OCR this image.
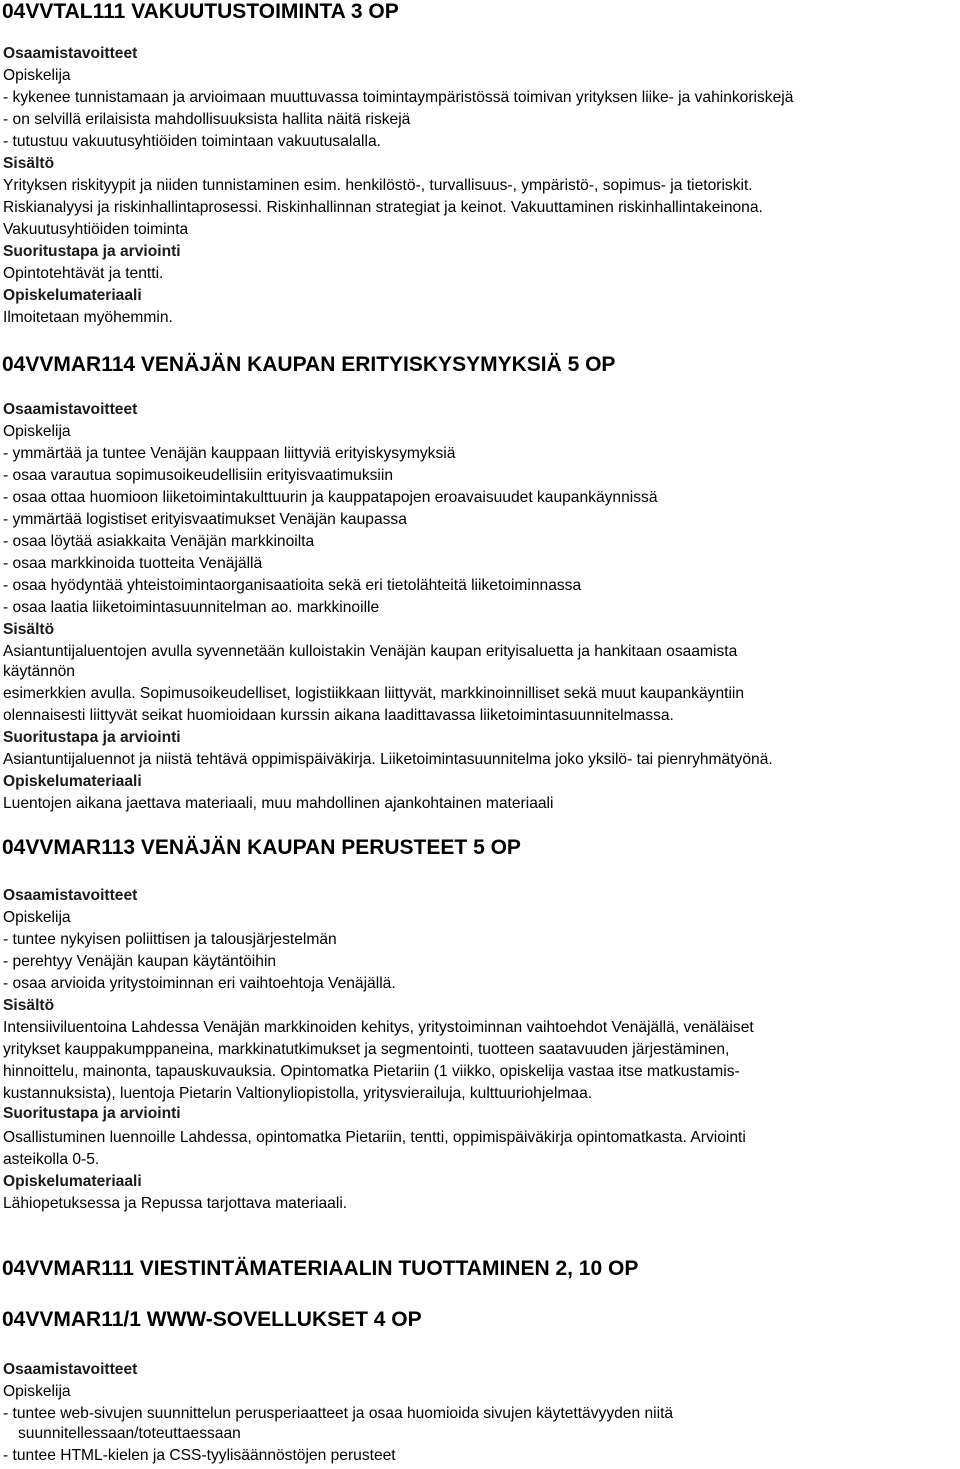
04VVTAL111 VAKUUTUSTOIMINTA 3 OP
Osaamistavoitteet
Opiskelija
- kykenee tunnistamaan ja arvioimaan muuttuvassa toimintaympäristössä toimivan yrityksen liike- ja vahinkoriskejä
- on selvillä erilaisista mahdollisuuksista hallita näitä riskejä
- tutustuu vakuutusyhtiöiden toimintaan vakuutusalalla.
Sisältö
Yrityksen riskityypit ja niiden tunnistaminen esim. henkilöstö-, turvallisuus-, ympäristö-, sopimus- ja tietoriskit.
Riskianalyysi ja riskinhallintaprosessi. Riskinhallinnan strategiat ja keinot. Vakuuttaminen riskinhallintakeinona.
Vakuutusyhtiöiden toiminta
Suoritustapa ja arviointi
Opintotehtävät ja tentti.
Opiskelumateriaali
Ilmoitetaan myöhemmin.
04VVMAR114 VENÄJÄN KAUPAN ERITYISKYSYMYKSIÄ 5 OP
Osaamistavoitteet
Opiskelija
- ymmärtää ja tuntee Venäjän kauppaan liittyviä erityiskysymyksiä
- osaa varautua sopimusoikeudellisiin erityisvaatimuksiin
- osaa ottaa huomioon liiketoimintakulttuurin ja kauppatapojen eroavaisuudet kaupankäynnissä
- ymmärtää logistiset erityisvaatimukset Venäjän kaupassa
- osaa löytää asiakkaita Venäjän markkinoilta
- osaa markkinoida tuotteita Venäjällä
- osaa hyödyntää yhteistoimintaorganisaatioita sekä eri tietolähteitä liiketoiminnassa
- osaa laatia liiketoimintasuunnitelman ao. markkinoille
Sisältö
Asiantuntijaluentojen avulla syvennetään kulloistakin Venäjän kaupan erityisaluetta ja hankitaan osaamista
käytännön
esimerkkien avulla. Sopimusoikeudelliset, logistiikkaan liittyvät, markkinoinnilliset sekä muut kaupankäyntiin
olennaisesti liittyvät seikat huomioidaan kurssin aikana laadittavassa liiketoimintasuunnitelmassa.
Suoritustapa ja arviointi
Asiantuntijaluennot ja niistä tehtävä oppimispäiväkirja. Liiketoimintasuunnitelma joko yksilö- tai pienryhmätyönä.
Opiskelumateriaali
Luentojen aikana jaettava materiaali, muu mahdollinen ajankohtainen materiaali
04VVMAR113 VENÄJÄN KAUPAN PERUSTEET 5 OP
Osaamistavoitteet
Opiskelija
- tuntee nykyisen poliittisen ja talousjärjestelmän
- perehtyy Venäjän kaupan käytäntöihin
- osaa arvioida yritystoiminnan eri vaihtoehtoja Venäjällä.
Sisältö
Intensiiviluentoina Lahdessa Venäjän markkinoiden kehitys, yritystoiminnan vaihtoehdot Venäjällä, venäläiset
yritykset kauppakumppaneina, markkinatutkimukset ja segmentointi, tuotteen saatavuuden järjestäminen,
hinnoittelu, mainonta, tapauskuvauksia. Opintomatka Pietariin (1 viikko, opiskelija vastaa itse matkustamis-
kustannuksista), luentoja Pietarin Valtionyliopistolla, yritysvierailuja, kulttuuriohjelmaa.
Suoritustapa ja arviointi
Osallistuminen luennoille Lahdessa, opintomatka Pietariin, tentti, oppimispäiväkirja opintomatkasta. Arviointi
asteikolla 0-5.
Opiskelumateriaali
Lähiopetuksessa ja Repussa tarjottava materiaali.
04VVMAR111 VIESTINTÄMATERIAALIN TUOTTAMINEN 2, 10 OP
04VVMAR11/1 WWW-SOVELLUKSET 4 OP
Osaamistavoitteet
Opiskelija
- tuntee web-sivujen suunnittelun perusperiaatteet ja osaa huomioida sivujen käytettävyyden niitä
suunnitellessaan/toteuttaessaan
- tuntee HTML-kielen ja CSS-tyylisäännöstöjen perusteet
